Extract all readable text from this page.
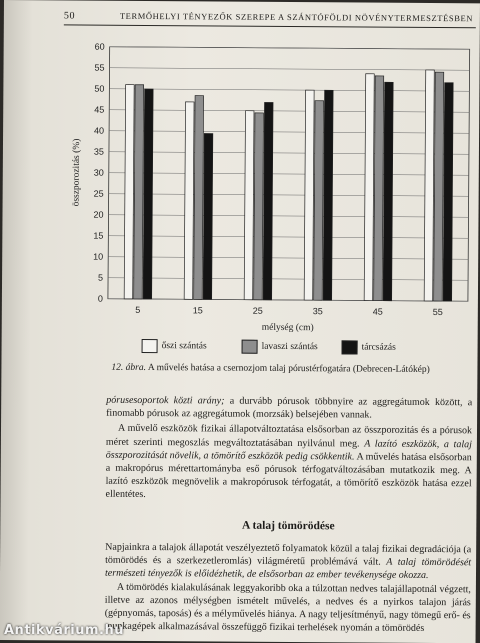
50	TERMŐHELYI TÉNYEZŐK SZEREPE A SZÁNTÓFÖLDI NÖVÉNYTERMESZTÉSBEN
0
5
10
15
20
25
30
35
40
45
50
55
60
5	15	25	35	45	55
mélység (cm)
összporozitás (%)
őszi szántás	lavaszi szántás	tárcsázás
12. ábra. A művelés hatása a csernozjom talaj pórustérfogatára (Debrecen-Látókép)

pórusesoportok közti arány; a durvább pórusok többnyire az aggregátumok között, a finomabb pórusok az aggregátumok (morzsák) belsejében vannak.

A művelő eszközök fizikai állapotváltoztatása elsősorban az összporozitás és a pórusok méret szerinti megoszlás megváltoztatásában nyilvánul meg. A lazító eszközök, a talaj összporozitását növelik, a tömörítő eszközök pedig csökkentik. A művelés hatása elsősorban a makropórus mérettartományba eső pórusok térfogatváltozásában mutatkozik meg. A lazító eszközök megnövelik a makropórusok térfogatát, a tömörítő eszközök hatása ezzel ellentétes.

A talaj tömörödése

Napjainkra a talajok állapotát veszélyeztető folyamatok közül a talaj fizikai degradációja (a tömörödés és a szerkezetleromlás) világméretű problémává vált. A talaj tömörödését természeti tényezők is előidézhetik, de elsősorban az ember tevékenysége okozza.

A tömörödés kialakulásának leggyakoribb oka a túlzottan nedves talajállapotnál végzett, illetve az azonos mélységben ismételt művelés, a nedves és a nyirkos talajon járás (gépnyomás, taposás) és a mélyművelés hiánya. A nagy teljesítményű, nagy tömegű erő- és munkagépek alkalmazásával összefüggő fizikai terhelések nyomán a tömörödés

Antikvárium.hu
